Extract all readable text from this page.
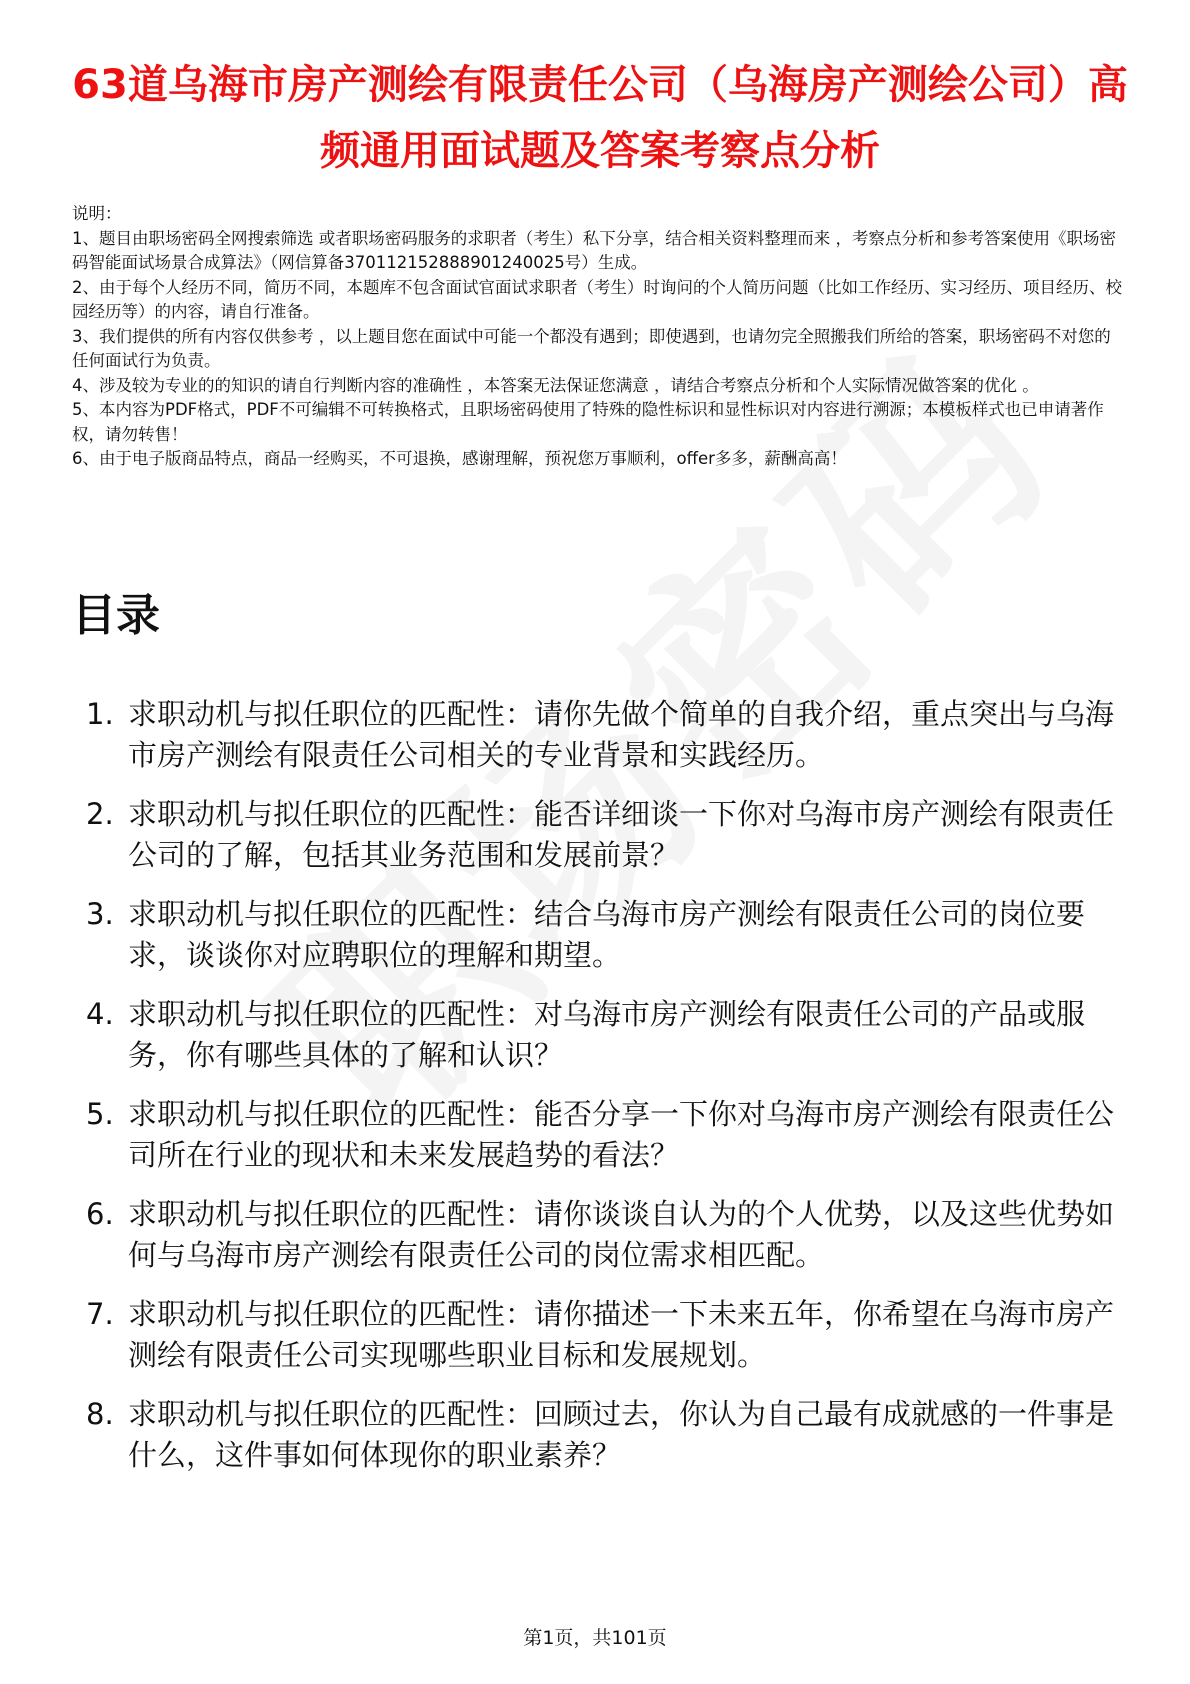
63道乌海市房产测绘有限责任公司（乌海房产测绘公司）高频通用面试题及答案考察点分析

说明：

1、题目由职场密码全网搜索筛选 或者职场密码服务的求职者（考生）私下分享，结合相关资料整理而来 ，考察点分析和参考答案使用《职场密码智能面试场景合成算法》（网信算备370112152888901240025号）生成。

2、由于每个人经历不同，简历不同，本题库不包含面试官面试求职者（考生）时询问的个人简历问题（比如工作经历、实习经历、项目经历、校园经历等）的内容，请自行准备。

3、我们提供的所有内容仅供参考 ，以上题目您在面试中可能一个都没有遇到；即使遇到，也请勿完全照搬我们所给的答案，职场密码不对您的任何面试行为负责。

4、涉及较为专业的的知识的请自行判断内容的准确性 ，本答案无法保证您满意 ，请结合考察点分析和个人实际情况做答案的优化 。

5、本内容为PDF格式，PDF不可编辑不可转换格式，且职场密码使用了特殊的隐性标识和显性标识对内容进行溯源；本模板样式也已申请著作权，请勿转售！

6、由于电子版商品特点，商品一经购买，不可退换，感谢理解，预祝您万事顺利，offer多多，薪酬高高！

目录
1. 求职动机与拟任职位的匹配性：请你先做个简单的自我介绍，重点突出与乌海市房产测绘有限责任公司相关的专业背景和实践经历。
2. 求职动机与拟任职位的匹配性：能否详细谈一下你对乌海市房产测绘有限责任公司的了解，包括其业务范围和发展前景？
3. 求职动机与拟任职位的匹配性：结合乌海市房产测绘有限责任公司的岗位要求，谈谈你对应聘职位的理解和期望。
4. 求职动机与拟任职位的匹配性：对乌海市房产测绘有限责任公司的产品或服务，你有哪些具体的了解和认识？
5. 求职动机与拟任职位的匹配性：能否分享一下你对乌海市房产测绘有限责任公司所在行业的现状和未来发展趋势的看法？
6. 求职动机与拟任职位的匹配性：请你谈谈自认为的个人优势，以及这些优势如何与乌海市房产测绘有限责任公司的岗位需求相匹配。
7. 求职动机与拟任职位的匹配性：请你描述一下未来五年，你希望在乌海市房产测绘有限责任公司实现哪些职业目标和发展规划。
8. 求职动机与拟任职位的匹配性：回顾过去，你认为自己最有成就感的一件事是什么，这件事如何体现你的职业素养？
第1页，共101页
